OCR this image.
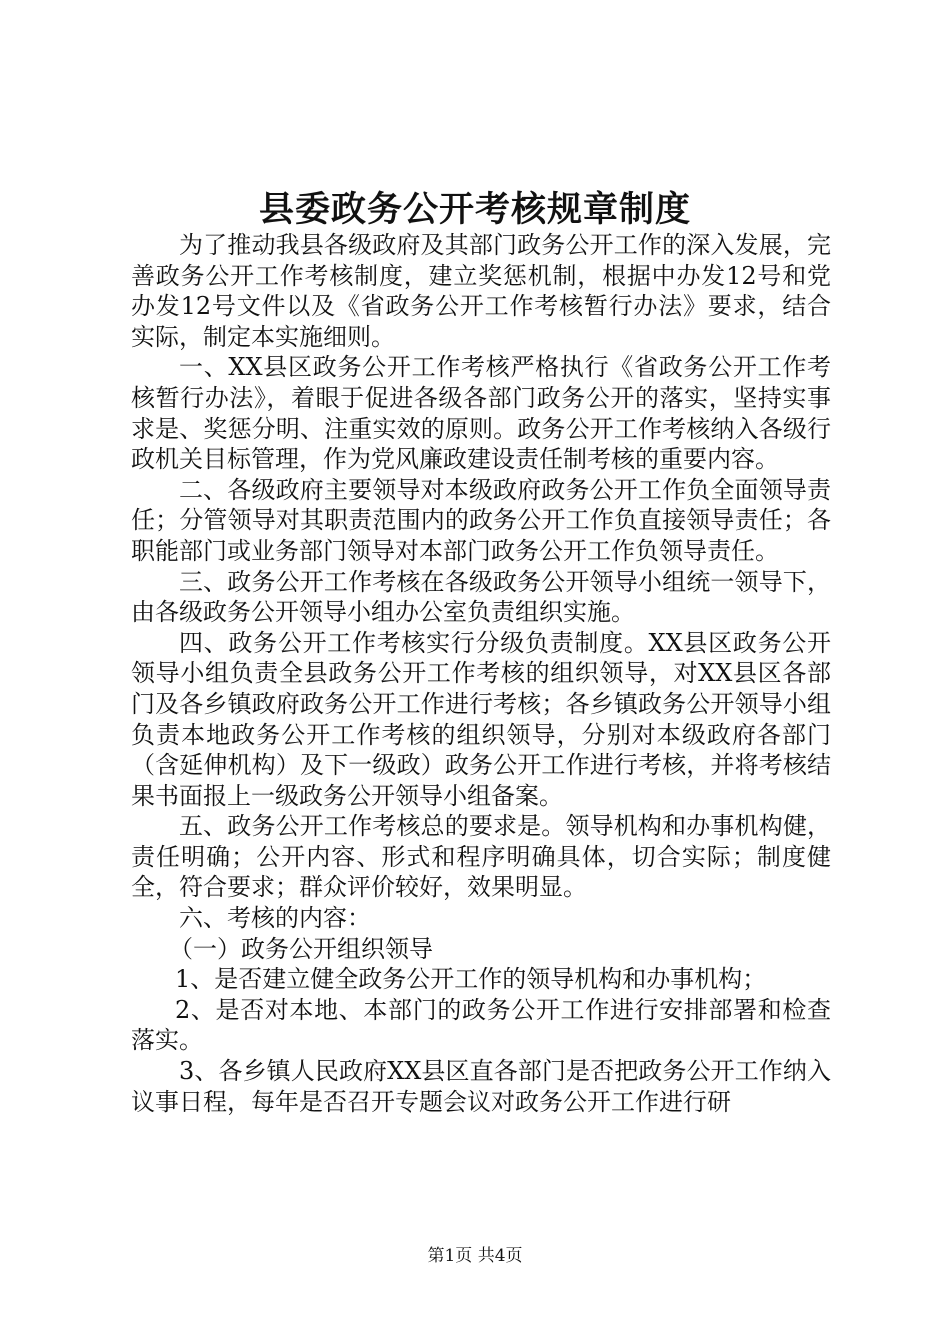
县委政务公开考核规章制度

为了推动我县各级政府及其部门政务公开工作的深入发展，完善政务公开工作考核制度，建立奖惩机制，根据中办发12号和党办发12号文件以及《省政务公开工作考核暂行办法》要求，结合实际，制定本实施细则。

一、XX县区政务公开工作考核严格执行《省政务公开工作考核暂行办法》，着眼于促进各级各部门政务公开的落实，坚持实事求是、奖惩分明、注重实效的原则。政务公开工作考核纳入各级行政机关目标管理，作为党风廉政建设责任制考核的重要内容。

二、各级政府主要领导对本级政府政务公开工作负全面领导责任；分管领导对其职责范围内的政务公开工作负直接领导责任；各职能部门或业务部门领导对本部门政务公开工作负领导责任。

三、政务公开工作考核在各级政务公开领导小组统一领导下，由各级政务公开领导小组办公室负责组织实施。

四、政务公开工作考核实行分级负责制度。XX县区政务公开领导小组负责全县政务公开工作考核的组织领导，对XX县区各部门及各乡镇政府政务公开工作进行考核；各乡镇政务公开领导小组负责本地政务公开工作考核的组织领导，分别对本级政府各部门（含延伸机构）及下一级政）政务公开工作进行考核，并将考核结果书面报上一级政务公开领导小组备案。

五、政务公开工作考核总的要求是。领导机构和办事机构健，责任明确；公开内容、形式和程序明确具体，切合实际；制度健全，符合要求；群众评价较好，效果明显。

六、考核的内容：

（一）政务公开组织领导

1、是否建立健全政务公开工作的领导机构和办事机构；

2、是否对本地、本部门的政务公开工作进行安排部署和检查落实。

3、各乡镇人民政府XX县区直各部门是否把政务公开工作纳入议事日程，每年是否召开专题会议对政务公开工作进行研

第1页 共4页
